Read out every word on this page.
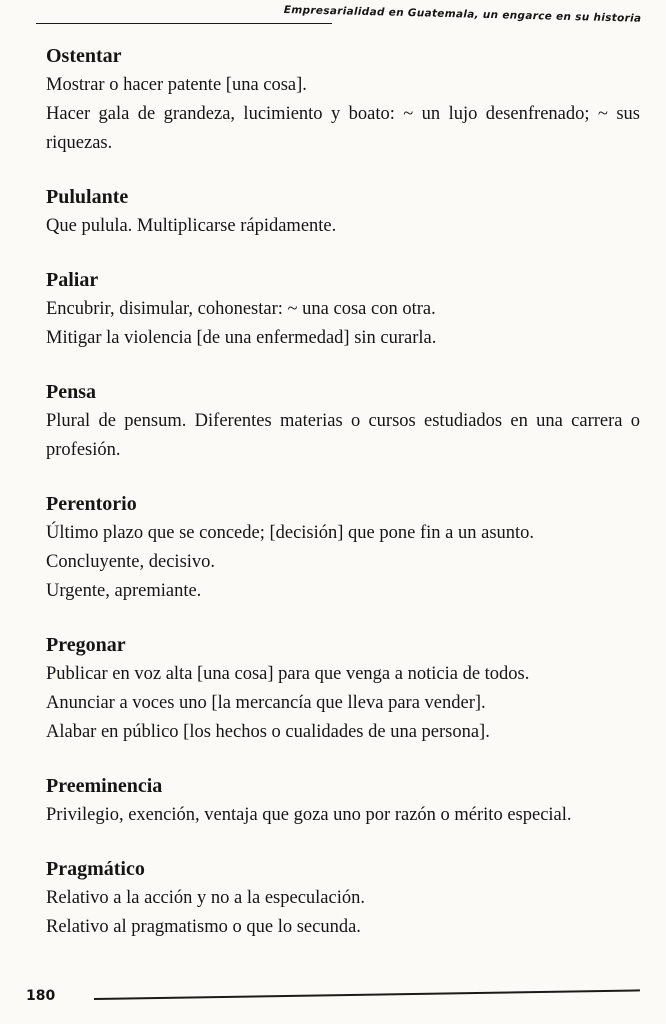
Empresarialidad en Guatemala, un engarce en su historia
Ostentar
Mostrar o hacer patente [una cosa].
Hacer gala de grandeza, lucimiento y boato: ~ un lujo desenfrenado; ~ sus riquezas.
Pululante
Que pulula. Multiplicarse rápidamente.
Paliar
Encubrir, disimular, cohonestar: ~ una cosa con otra.
Mitigar la violencia [de una enfermedad] sin curarla.
Pensa
Plural de pensum. Diferentes materias o cursos estudiados en una carrera o profesión.
Perentorio
Último plazo que se concede; [decisión] que pone fin a un asunto.
Concluyente, decisivo.
Urgente, apremiante.
Pregonar
Publicar en voz alta [una cosa] para que venga a noticia de todos.
Anunciar a voces uno [la mercancía que lleva para vender].
Alabar en público [los hechos o cualidades de una persona].
Preeminencia
Privilegio, exención, ventaja que goza uno por razón o mérito especial.
Pragmático
Relativo a la acción y no a la especulación.
Relativo al pragmatismo o que lo secunda.
180
